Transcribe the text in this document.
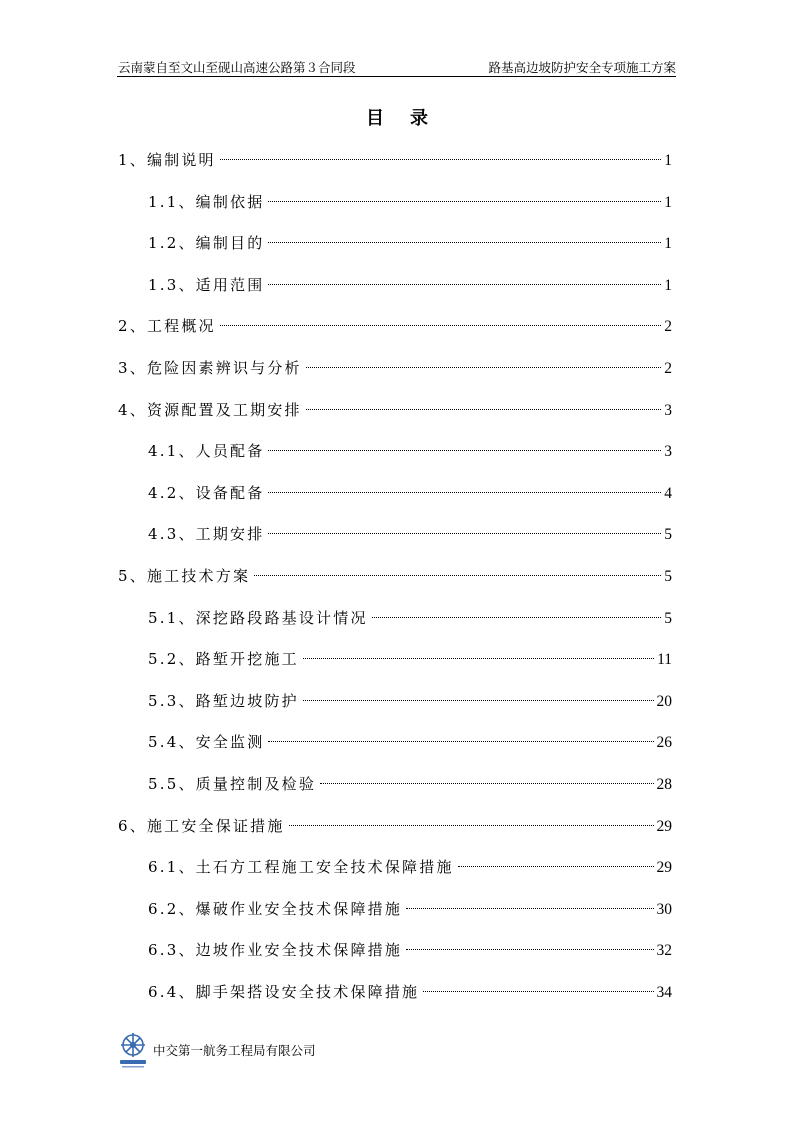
云南蒙自至文山至砚山高速公路第３合同段	路基高边坡防护安全专项施工方案
目录
1、编制说明	1
1.1、编制依据	1
1.2、编制目的	1
1.3、适用范围	1
2、工程概况	2
3、危险因素辨识与分析	2
4、资源配置及工期安排	3
4.1、人员配备	3
4.2、设备配备	4
4.3、工期安排	5
5、施工技术方案	5
5.1、深挖路段路基设计情况	5
5.2、路堑开挖施工	11
5.3、路堑边坡防护	20
5.4、安全监测	26
5.5、质量控制及检验	28
6、施工安全保证措施	29
6.1、土石方工程施工安全技术保障措施	29
6.2、爆破作业安全技术保障措施	30
6.3、边坡作业安全技术保障措施	32
6.4、脚手架搭设安全技术保障措施	34
中交第一航务工程局有限公司
